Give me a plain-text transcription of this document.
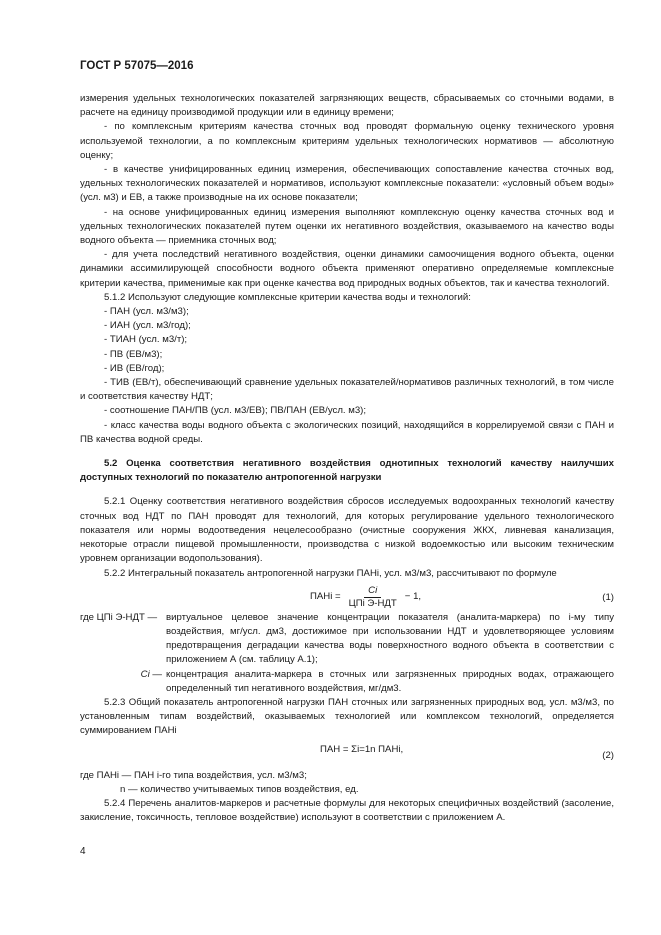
ГОСТ Р 57075—2016

измерения удельных технологических показателей загрязняющих веществ, сбрасываемых со сточными водами, в расчете на единицу производимой продукции или в единицу времени;

- по комплексным критериям качества сточных вод проводят формальную оценку технического уровня используемой технологии, а по комплексным критериям удельных технологических нормативов — абсолютную оценку;

- в качестве унифицированных единиц измерения, обеспечивающих сопоставление качества сточных вод, удельных технологических показателей и нормативов, используют комплексные показатели: «условный объем воды» (усл. м3) и ЕВ, а также производные на их основе показатели;

- на основе унифицированных единиц измерения выполняют комплексную оценку качества сточных вод и удельных технологических показателей путем оценки их негативного воздействия, оказываемого на качество воды водного объекта — приемника сточных вод;

- для учета последствий негативного воздействия, оценки динамики самоочищения водного объекта, оценки динамики ассимилирующей способности водного объекта применяют оперативно определяемые комплексные критерии качества, применимые как при оценке качества вод природных водных объектов, так и качества технологий.

5.1.2 Используют следующие комплексные критерии качества воды и технологий:

- ПАН (усл. м3/м3);

- ИАН (усл. м3/год);

- ТИАН (усл. м3/т);

- ПВ (ЕВ/м3);

- ИВ (ЕВ/год);

- ТИВ (ЕВ/т), обеспечивающий сравнение удельных показателей/нормативов различных технологий, в том числе и соответствия качеству НДТ;

- соотношение ПАН/ПВ (усл. м3/ЕВ); ПВ/ПАН (ЕВ/усл. м3);

- класс качества воды водного объекта с экологических позиций, находящийся в коррелируемой связи с ПАН и ПВ качества водной среды.

5.2 Оценка соответствия негативного воздействия однотипных технологий качеству наилучших доступных технологий по показателю антропогенной нагрузки

5.2.1 Оценку соответствия негативного воздействия сбросов исследуемых водоохранных технологий качеству сточных вод НДТ по ПАН проводят для технологий, для которых регулирование удельного технологического показателя или нормы водоотведения нецелесообразно (очистные сооружения ЖКХ, ливневая канализация, некоторые отрасли пищевой промышленности, производства с низкой водоемкостью или высоким техническим уровнем организации водопользования).

5.2.2 Интегральный показатель антропогенной нагрузки ПАНi, усл. м3/м3, рассчитывают по формуле

ПАНi = $\frac{Ci}{\text{ЦПi Э-НДТ}} - 1$,	(1)
где ЦПi Э-НДТ — виртуальное целевое значение концентрации показателя (аналита-маркера) по i-му типу воздействия, мг/усл. дм3, достижимое при использовании НДТ и удовлетворяющее условиям предотвращения деградации качества воды поверхностного водного объекта в соответствии с приложением А (см. таблицу А.1);
Ci — концентрация аналита-маркера в сточных или загрязненных природных водах, отражающего определенный тип негативного воздействия, мг/дм3.

5.2.3 Общий показатель антропогенной нагрузки ПАН сточных или загрязненных природных вод, усл. м3/м3, по установленным типам воздействий, оказываемых технологией или комплексом технологий, определяется суммированием ПАНi

ПАН = Σi=1n ПАНi,
(2)

где ПАНi — ПАН i-го типа воздействия, усл. м3/м3;

n — количество учитываемых типов воздействия, ед.

5.2.4 Перечень аналитов-маркеров и расчетные формулы для некоторых специфичных воздействий (засоление, закисление, токсичность, тепловое воздействие) используют в соответствии с приложением А.

4
